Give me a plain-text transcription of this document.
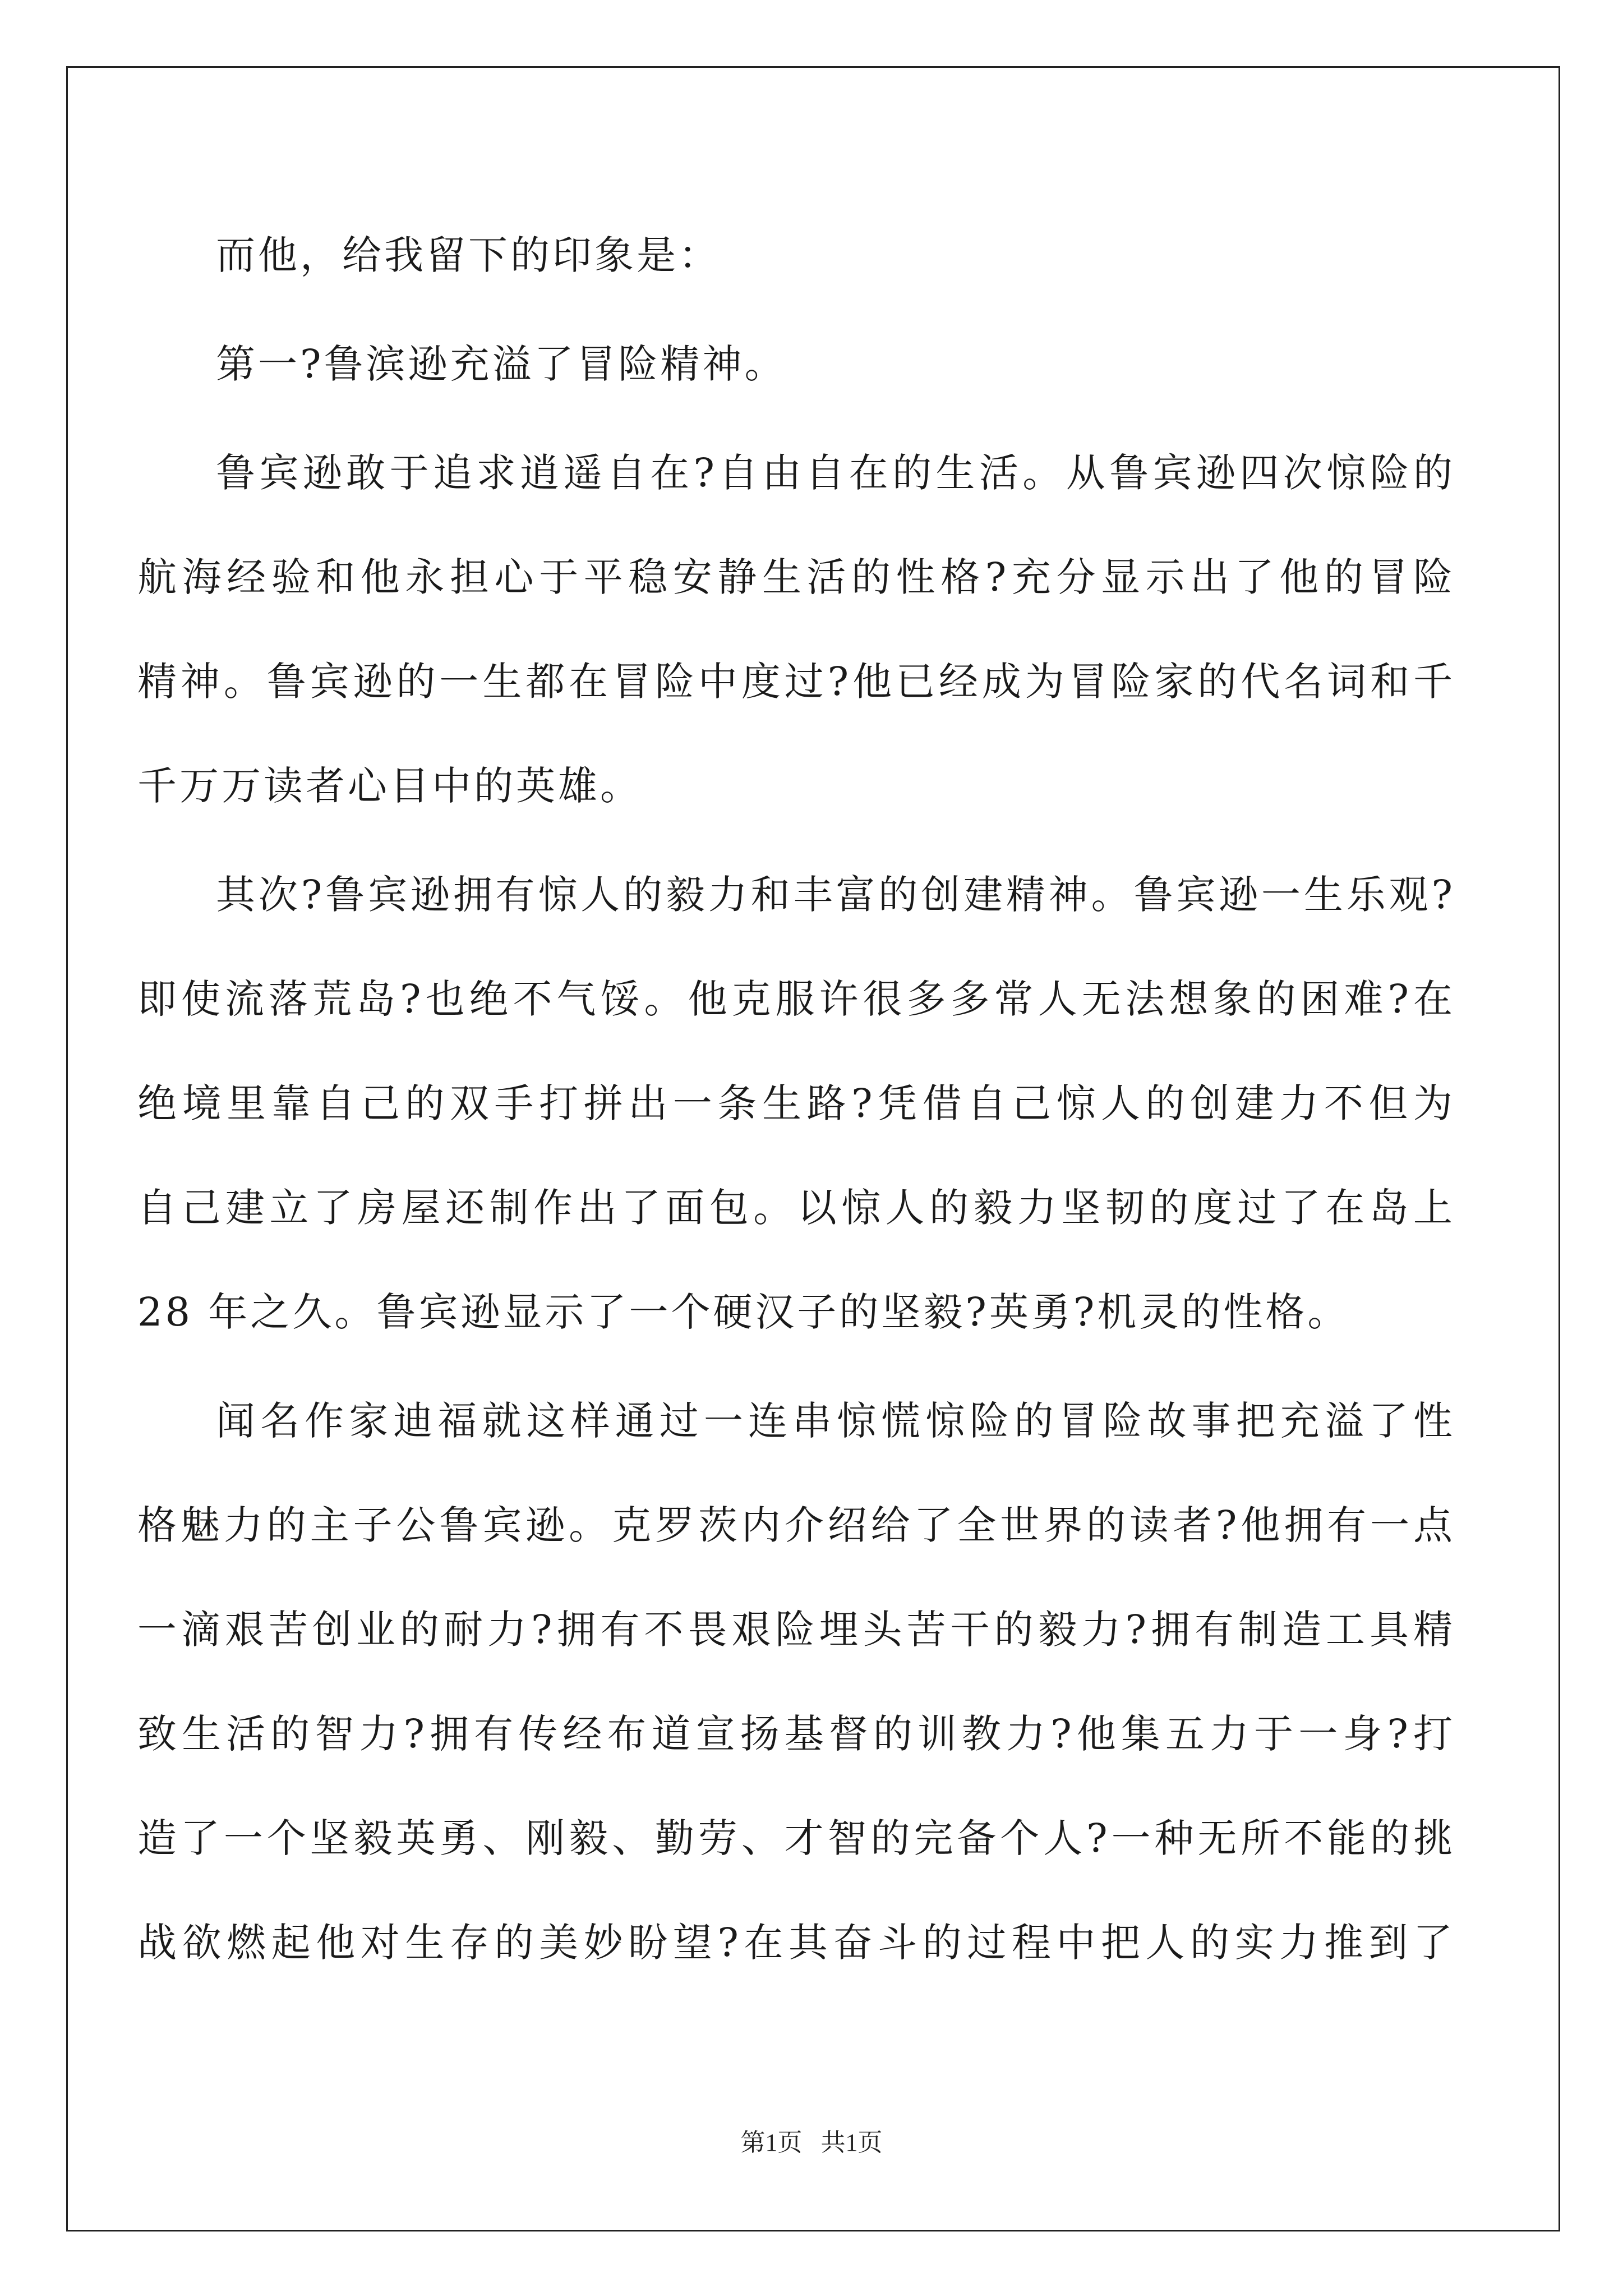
而他，给我留下的印象是：
第一?鲁滨逊充溢了冒险精神。
鲁宾逊敢于追求逍遥自在?自由自在的生活。从鲁宾逊四次惊险的
航海经验和他永担心于平稳安静生活的性格?充分显示出了他的冒险
精神。鲁宾逊的一生都在冒险中度过?他已经成为冒险家的代名词和千
千万万读者心目中的英雄。
其次?鲁宾逊拥有惊人的毅力和丰富的创建精神。鲁宾逊一生乐观?
即使流落荒岛?也绝不气馁。他克服许很多多常人无法想象的困难?在
绝境里靠自己的双手打拼出一条生路?凭借自己惊人的创建力不但为
自己建立了房屋还制作出了面包。以惊人的毅力坚韧的度过了在岛上
28 年之久。鲁宾逊显示了一个硬汉子的坚毅?英勇?机灵的性格。
闻名作家迪福就这样通过一连串惊慌惊险的冒险故事把充溢了性
格魅力的主子公鲁宾逊。克罗茨内介绍给了全世界的读者?他拥有一点
一滴艰苦创业的耐力?拥有不畏艰险埋头苦干的毅力?拥有制造工具精
致生活的智力?拥有传经布道宣扬基督的训教力?他集五力于一身?打
造了一个坚毅英勇、刚毅、勤劳、才智的完备个人?一种无所不能的挑
战欲燃起他对生存的美妙盼望?在其奋斗的过程中把人的实力推到了
第1页   共1页
